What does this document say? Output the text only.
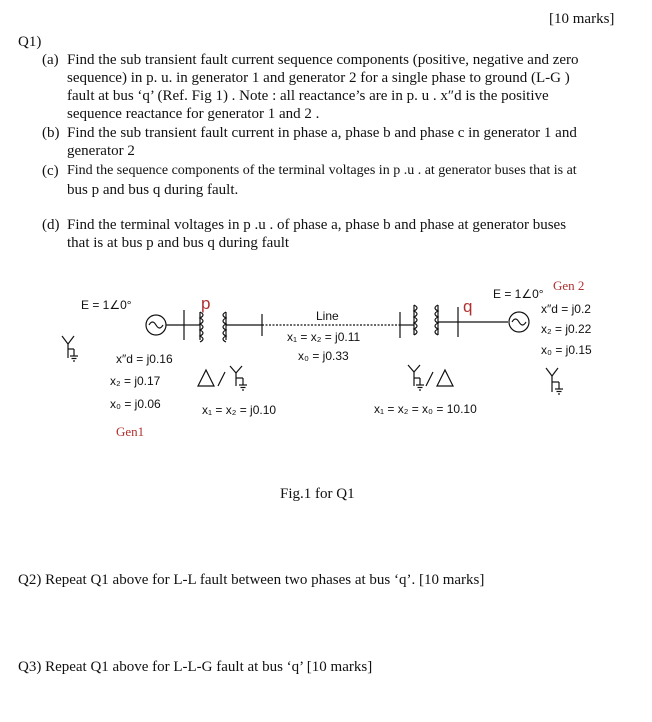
[10 marks]
Q1)
(a) Find the sub transient fault current sequence components (positive, negative and zero
sequence) in p. u. in generator 1 and generator 2 for a single phase to ground (L-G )
fault at bus ‘q’ (Ref. Fig 1) . Note : all reactance’s are in p. u . x″d is the positive
sequence reactance for generator 1 and 2 .
(b) Find the sub transient fault current in phase a, phase b and phase c in generator 1 and
generator 2
(c) Find the sequence components of the terminal voltages in p .u . at generator buses that is at
bus p and bus q during fault.
(d) Find the terminal voltages in p .u . of phase a, phase b and phase at generator buses
that is at bus p and bus q during fault
E = 1∠0°	p
Line
x₁ = x₂ = j0.11
x₀ = j0.33
x″d = j0.16
x₂ = j0.17
x₀ = j0.06
Gen1
x₁ = x₂ = j0.10	x₁ = x₂ = x₀ = 10.10
q
E = 1∠0°
Gen 2
x″d = j0.2
x₂ = j0.22
x₀ = j0.15
Fig.1 for Q1
Q2) Repeat Q1 above for L-L fault between two phases at bus ‘q’. [10 marks]
Q3) Repeat Q1 above for L-L-G fault at bus ‘q’ [10 marks]
